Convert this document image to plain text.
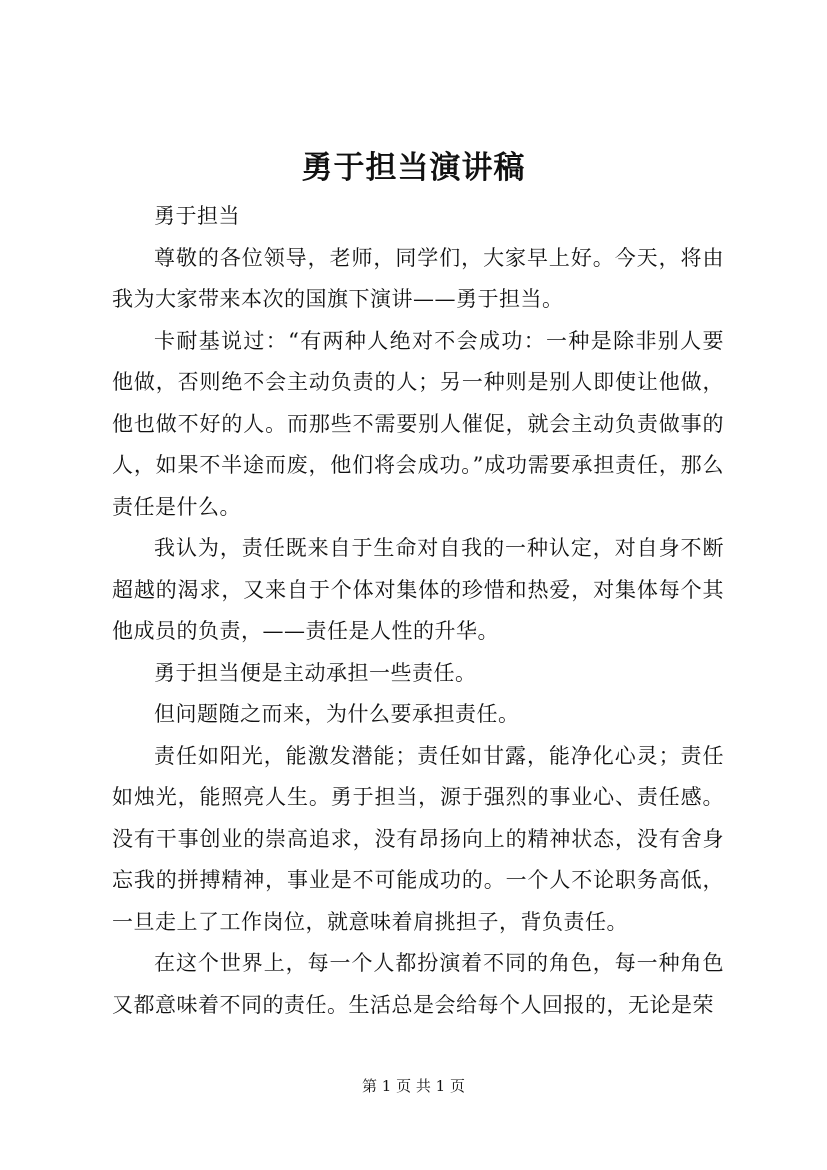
勇于担当演讲稿

勇于担当

尊敬的各位领导，老师，同学们，大家早上好。今天，将由我为大家带来本次的国旗下演讲——勇于担当。

卡耐基说过：“有两种人绝对不会成功：一种是除非别人要他做，否则绝不会主动负责的人；另一种则是别人即使让他做，他也做不好的人。而那些不需要别人催促，就会主动负责做事的人，如果不半途而废，他们将会成功。”成功需要承担责任，那么责任是什么。

我认为，责任既来自于生命对自我的一种认定，对自身不断超越的渴求，又来自于个体对集体的珍惜和热爱，对集体每个其他成员的负责，——责任是人性的升华。

勇于担当便是主动承担一些责任。

但问题随之而来，为什么要承担责任。

责任如阳光，能激发潜能；责任如甘露，能净化心灵；责任如烛光，能照亮人生。勇于担当，源于强烈的事业心、责任感。没有干事创业的崇高追求，没有昂扬向上的精神状态，没有舍身忘我的拼搏精神，事业是不可能成功的。一个人不论职务高低，一旦走上了工作岗位，就意味着肩挑担子，背负责任。

在这个世界上，每一个人都扮演着不同的角色，每一种角色又都意味着不同的责任。生活总是会给每个人回报的，无论是荣

第 1 页 共 1 页
